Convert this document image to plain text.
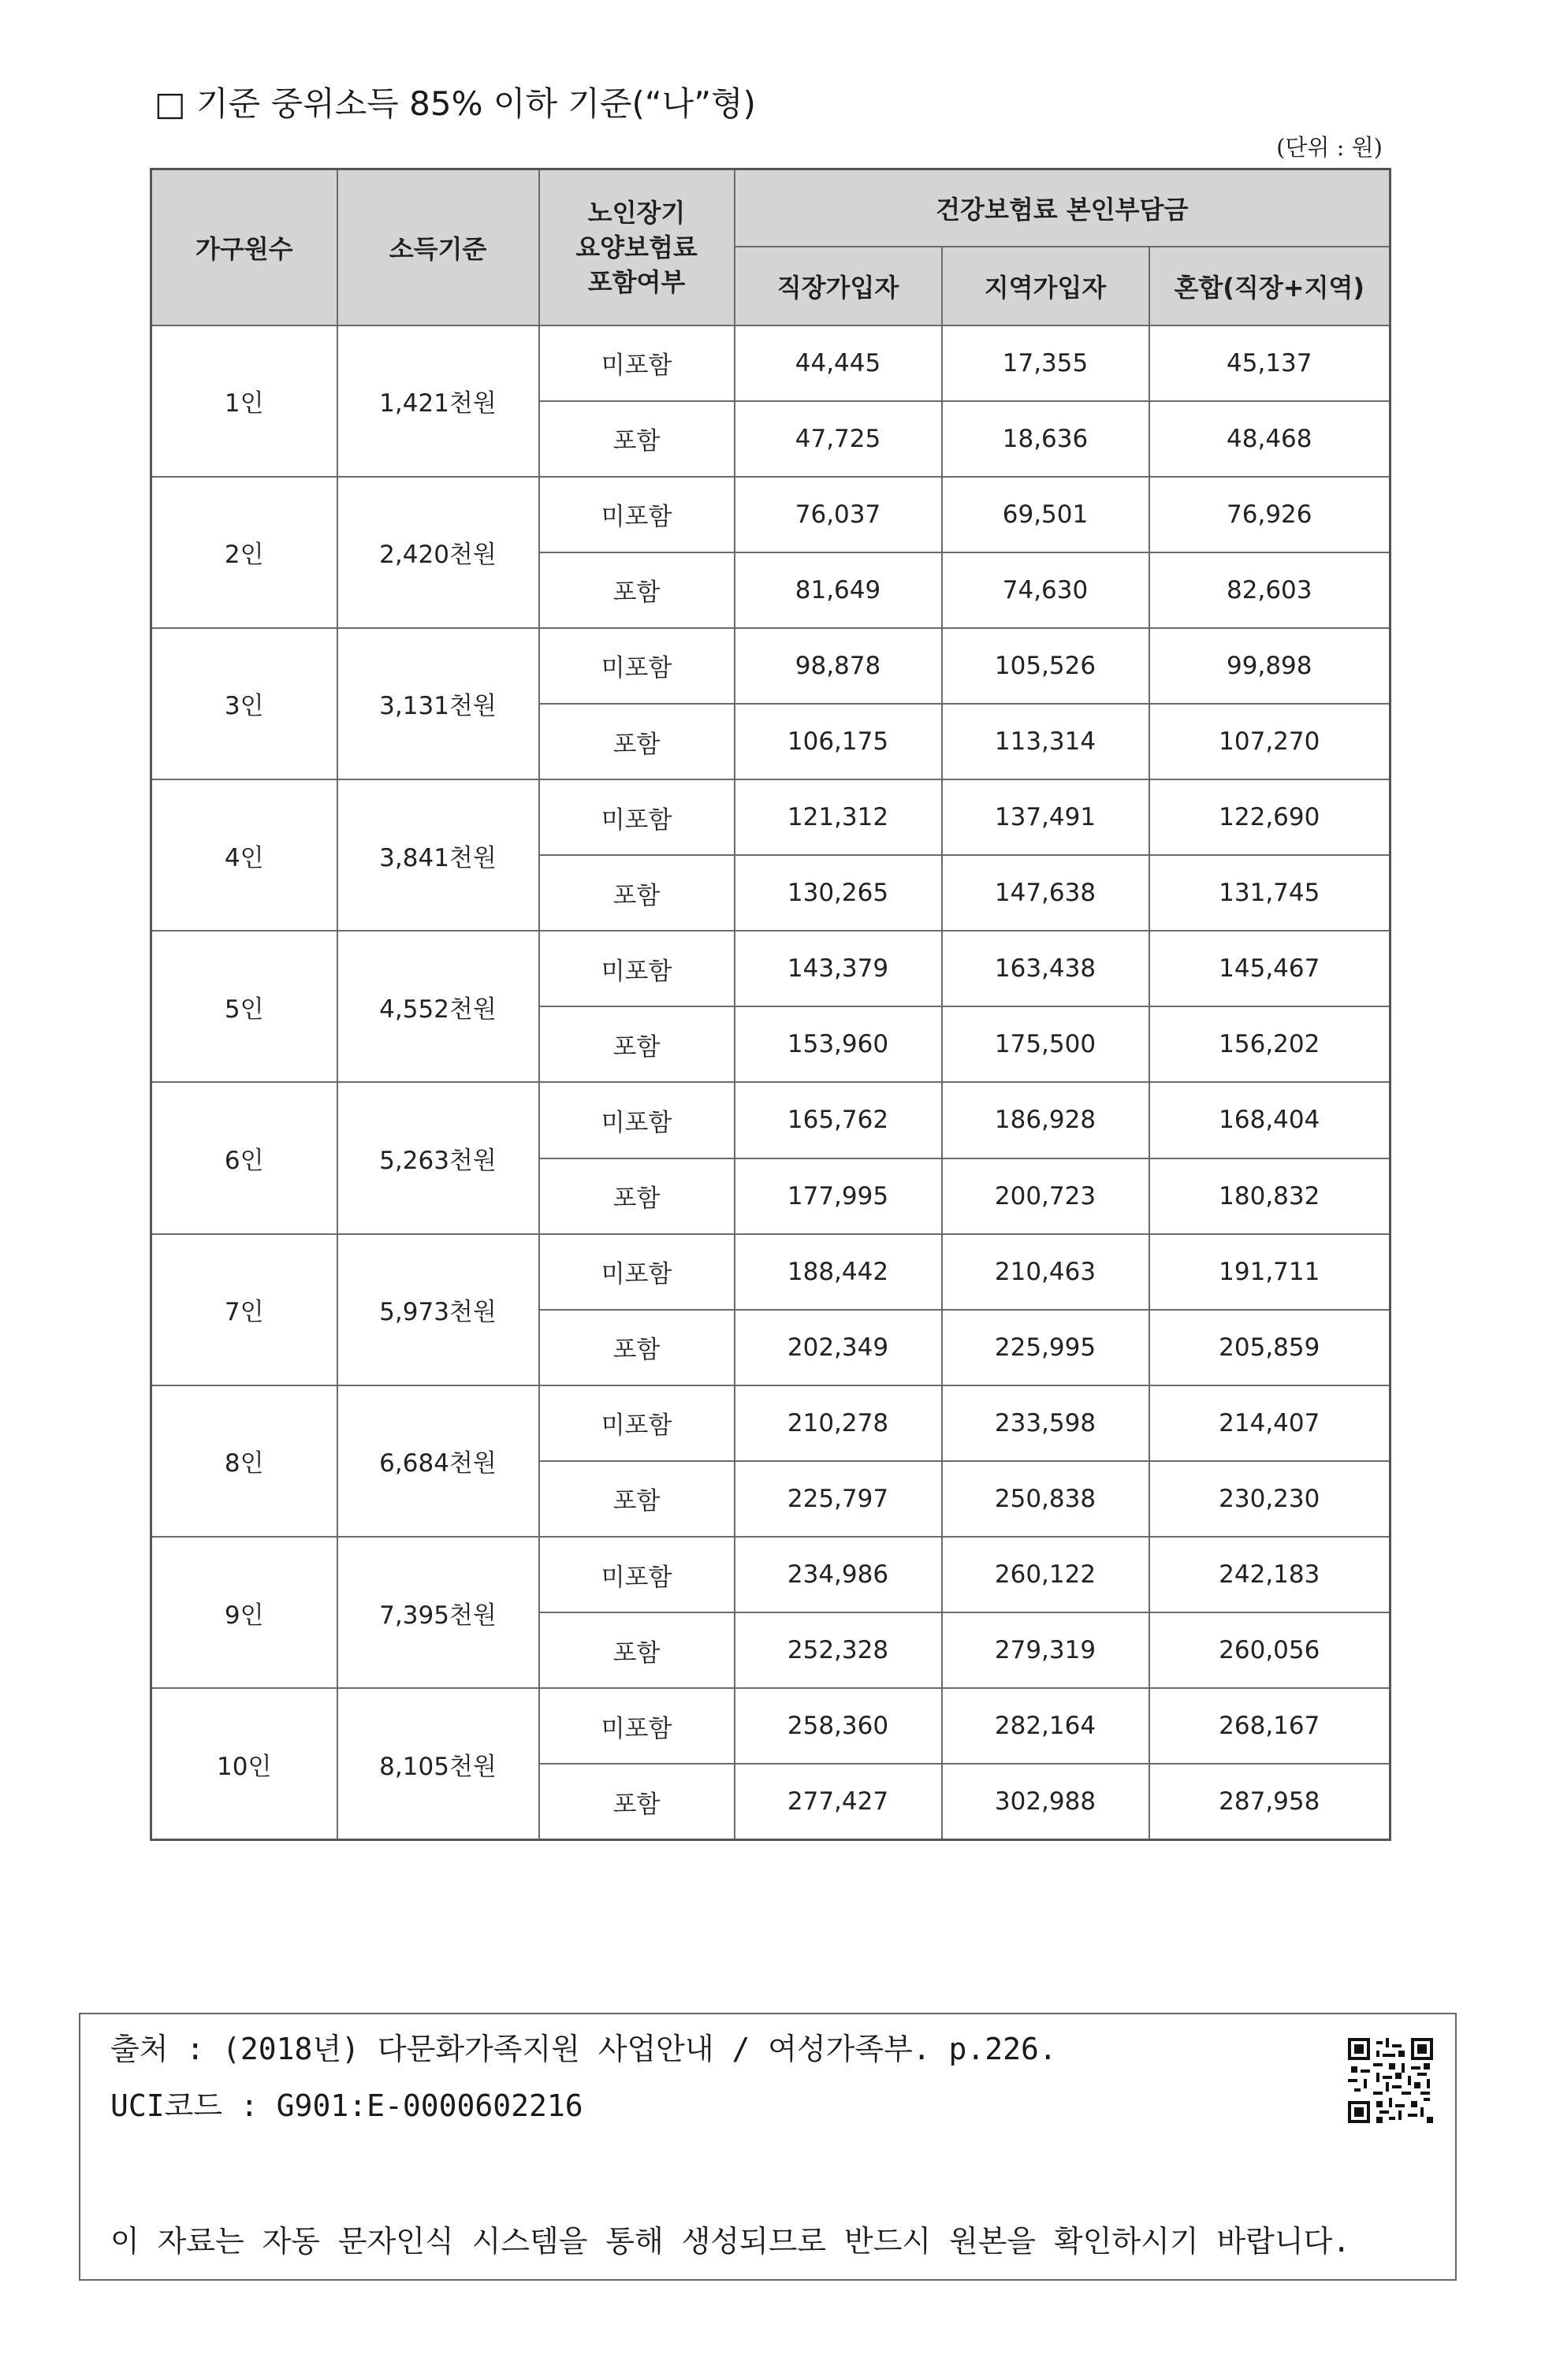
□ 기준 중위소득 85% 이하 기준(“나”형)
(단위 : 원)
가구원수	소득기준	노인장기
요양보험료
포함여부	건강보험료 본인부담금		
			직장가입자	지역가입자	혼합(직장+지역)
1인	1,421천원	미포함	44,445	17,355	45,137
		포함	47,725	18,636	48,468
2인	2,420천원	미포함	76,037	69,501	76,926
		포함	81,649	74,630	82,603
3인	3,131천원	미포함	98,878	105,526	99,898
		포함	106,175	113,314	107,270
4인	3,841천원	미포함	121,312	137,491	122,690
		포함	130,265	147,638	131,745
5인	4,552천원	미포함	143,379	163,438	145,467
		포함	153,960	175,500	156,202
6인	5,263천원	미포함	165,762	186,928	168,404
		포함	177,995	200,723	180,832
7인	5,973천원	미포함	188,442	210,463	191,711
		포함	202,349	225,995	205,859
8인	6,684천원	미포함	210,278	233,598	214,407
		포함	225,797	250,838	230,230
9인	7,395천원	미포함	234,986	260,122	242,183
		포함	252,328	279,319	260,056
10인	8,105천원	미포함	258,360	282,164	268,167
		포함	277,427	302,988	287,958
출처 : (2018년) 다문화가족지원 사업안내 / 여성가족부. p.226.
UCI코드 : G901:E-0000602216
이 자료는 자동 문자인식 시스템을 통해 생성되므로 반드시 원본을 확인하시기 바랍니다.
